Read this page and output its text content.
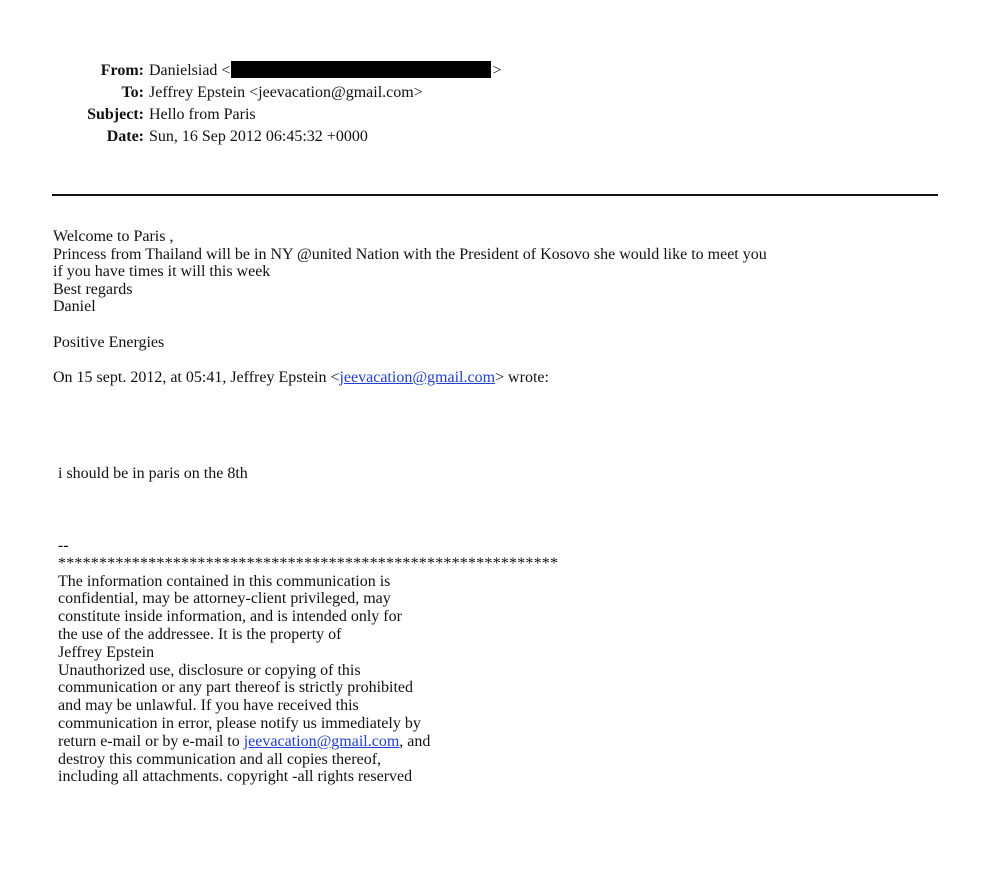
From: Danielsiad <	>
To: Jeffrey Epstein <jeevacation@gmail.com>
Subject: Hello from Paris
Date: Sun, 16 Sep 2012 06:45:32 +0000
Welcome to Paris ,
Princess from Thailand will be in NY @united Nation with the President of Kosovo she would like to meet you
if you have times it will this week
Best regards
Daniel
Positive Energies
On 15 sept. 2012, at 05:41, Jeffrey Epstein <jeevacation@gmail.com> wrote:
i should be in paris on the 8th
--
*************************************************************
The information contained in this communication is
confidential, may be attorney-client privileged, may
constitute inside information, and is intended only for
the use of the addressee. It is the property of
Jeffrey Epstein
Unauthorized use, disclosure or copying of this
communication or any part thereof is strictly prohibited
and may be unlawful. If you have received this
communication in error, please notify us immediately by
return e-mail or by e-mail to jeevacation@gmail.com, and
destroy this communication and all copies thereof,
including all attachments. copyright -all rights reserved
